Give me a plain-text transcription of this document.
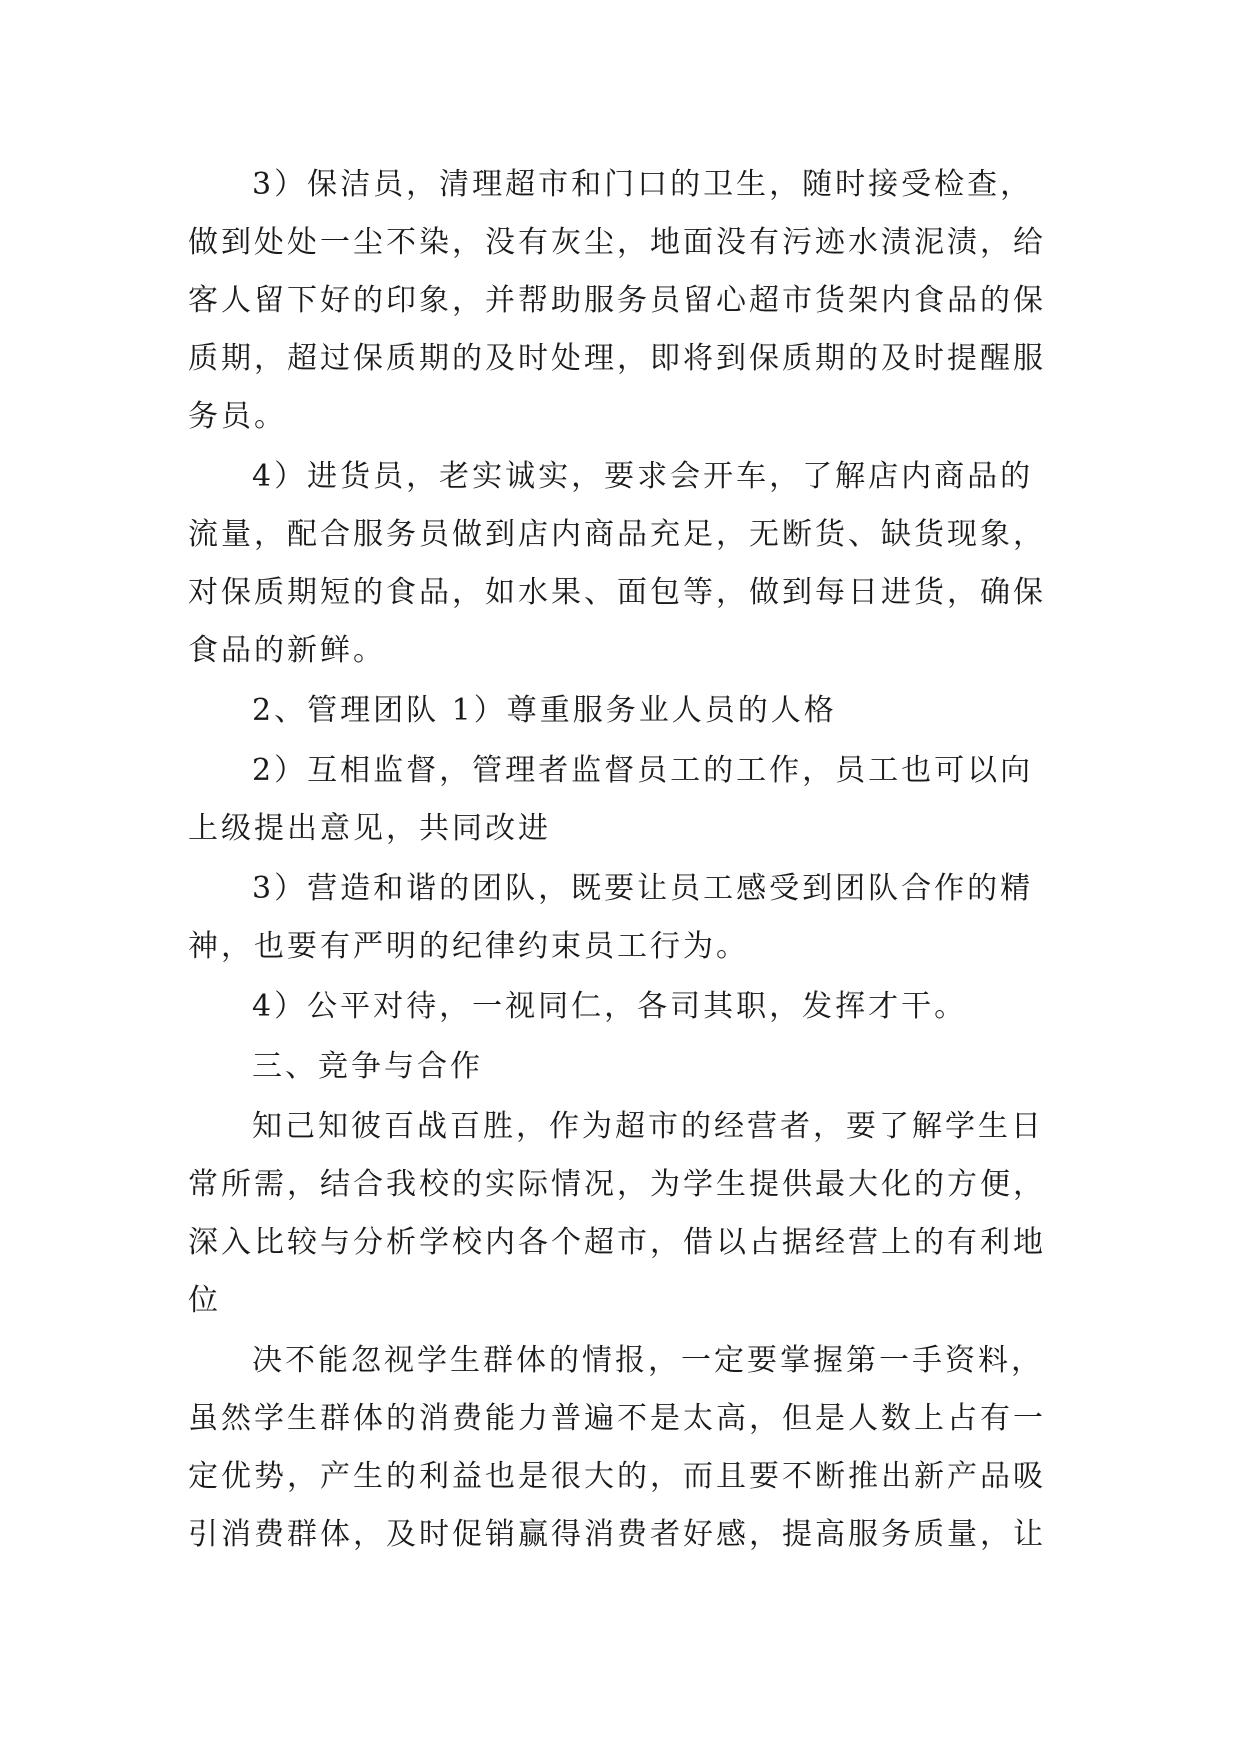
3）保洁员，清理超市和门口的卫生，随时接受检查，做到处处一尘不染，没有灰尘，地面没有污迹水渍泥渍，给客人留下好的印象，并帮助服务员留心超市货架内食品的保质期，超过保质期的及时处理，即将到保质期的及时提醒服务员。

4）进货员，老实诚实，要求会开车，了解店内商品的流量，配合服务员做到店内商品充足，无断货、缺货现象，对保质期短的食品，如水果、面包等，做到每日进货，确保食品的新鲜。

2、管理团队 1）尊重服务业人员的人格

2）互相监督，管理者监督员工的工作，员工也可以向上级提出意见，共同改进

3）营造和谐的团队，既要让员工感受到团队合作的精神，也要有严明的纪律约束员工行为。

4）公平对待，一视同仁，各司其职，发挥才干。

三、竞争与合作

知己知彼百战百胜，作为超市的经营者，要了解学生日常所需，结合我校的实际情况，为学生提供最大化的方便，深入比较与分析学校内各个超市，借以占据经营上的有利地位

决不能忽视学生群体的情报，一定要掌握第一手资料，虽然学生群体的消费能力普遍不是太高，但是人数上占有一定优势，产生的利益也是很大的，而且要不断推出新产品吸引消费群体，及时促销赢得消费者好感，提高服务质量，让
